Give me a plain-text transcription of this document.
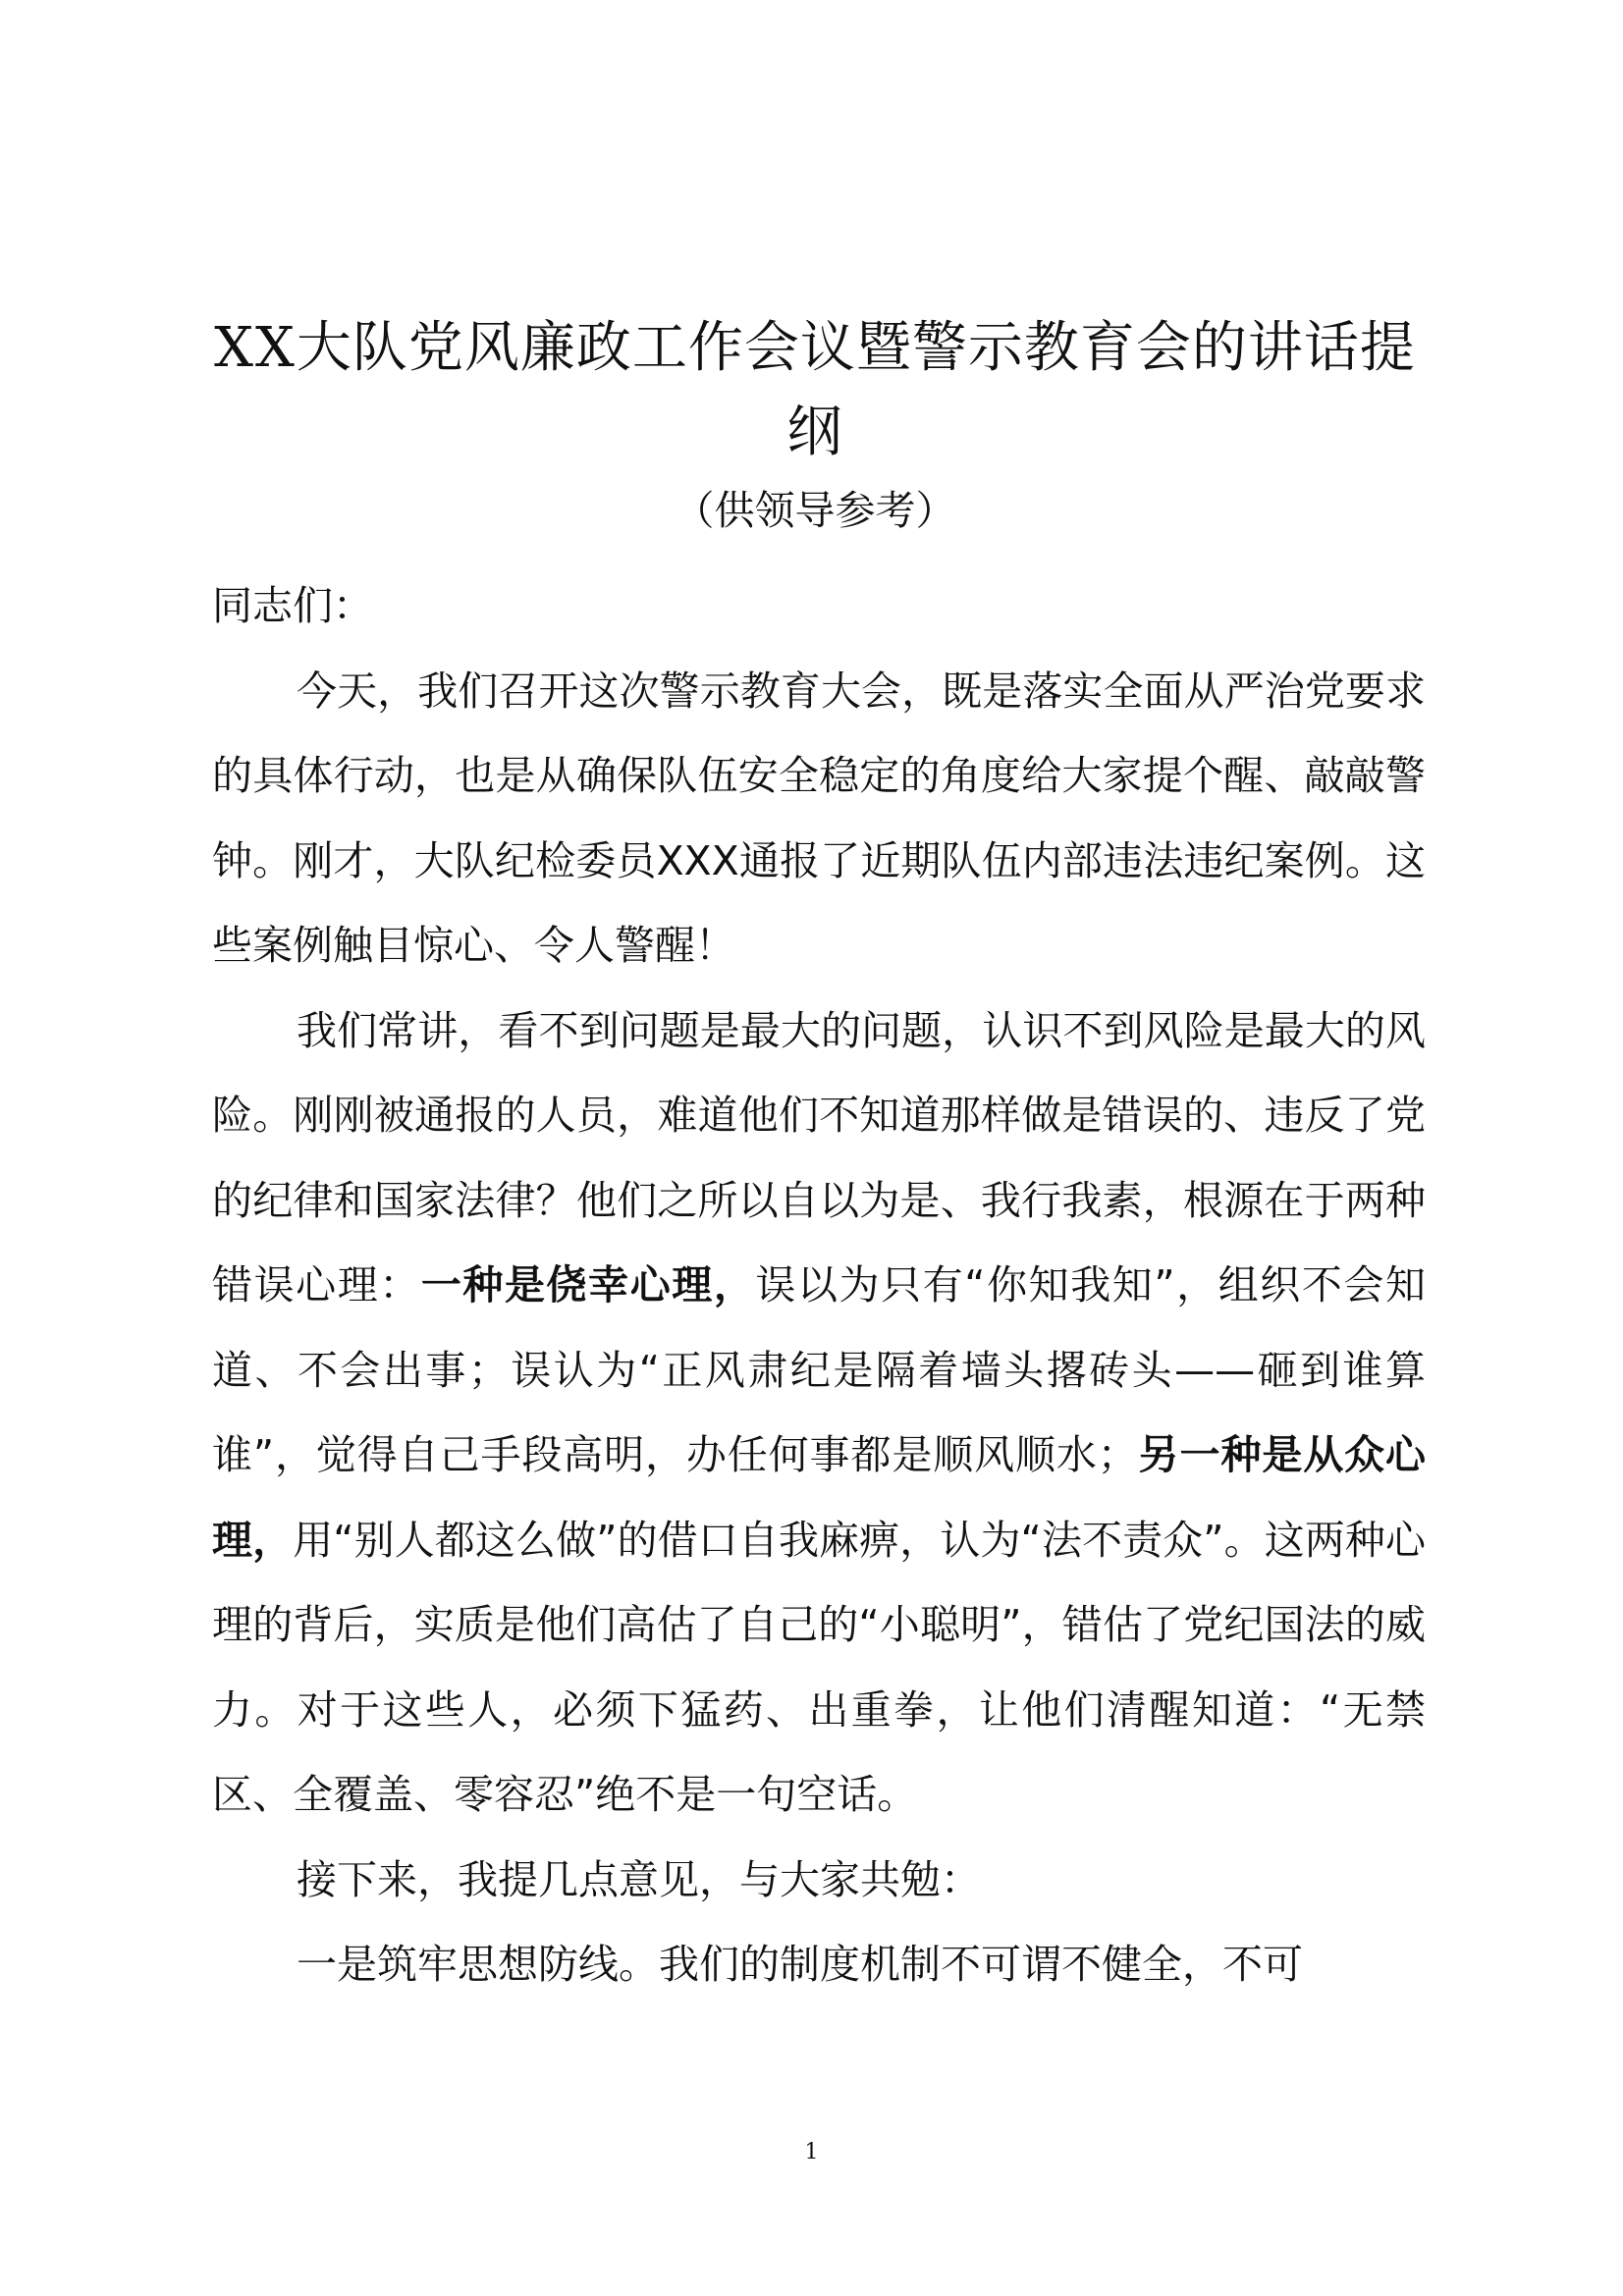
XX大队党风廉政工作会议暨警示教育会的讲话提纲
（供领导参考）

同志们：

今天，我们召开这次警示教育大会，既是落实全面从严治党要求的具体行动，也是从确保队伍安全稳定的角度给大家提个醒、敲敲警钟。刚才，大队纪检委员XXX通报了近期队伍内部违法违纪案例。这些案例触目惊心、令人警醒！

我们常讲，看不到问题是最大的问题，认识不到风险是最大的风险。刚刚被通报的人员，难道他们不知道那样做是错误的、违反了党的纪律和国家法律？他们之所以自以为是、我行我素，根源在于两种错误心理：一种是侥幸心理，误以为只有“你知我知”，组织不会知道、不会出事；误认为“正风肃纪是隔着墙头撂砖头——砸到谁算谁”，觉得自己手段高明，办任何事都是顺风顺水；另一种是从众心理，用“别人都这么做”的借口自我麻痹，认为“法不责众”。这两种心理的背后，实质是他们高估了自己的“小聪明”，错估了党纪国法的威力。对于这些人，必须下猛药、出重拳，让他们清醒知道：“无禁区、全覆盖、零容忍”绝不是一句空话。

接下来，我提几点意见，与大家共勉：

一是筑牢思想防线。我们的制度机制不可谓不健全，不可

1
